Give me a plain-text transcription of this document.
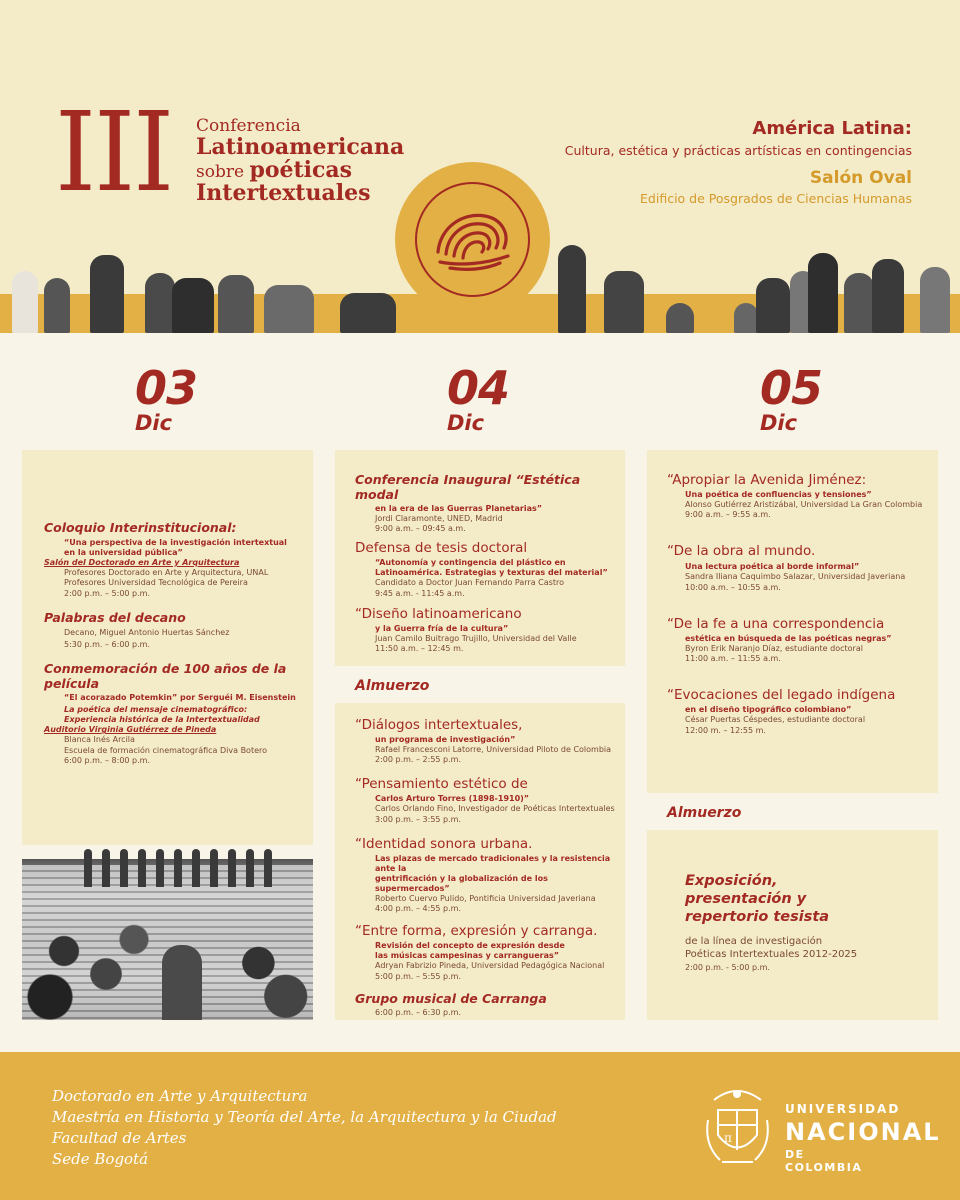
III Conferencia
Latinoamericana
sobre poéticas
Intertextuales
América Latina:
Cultura, estética y prácticas artísticas en contingencias
Salón Oval
Edificio de Posgrados de Ciencias Humanas
03
Dic
04
Dic
05
Dic
Coloquio Interinstitucional:
“Una perspectiva de la investigación intertextual
en la universidad pública”
Salón del Doctorado en Arte y Arquitectura
Profesores Doctorado en Arte y Arquitectura, UNAL
Profesores Universidad Tecnológica de Pereira
2:00 p.m. – 5:00 p.m.
Palabras del decano
Decano, Miguel Antonio Huertas Sánchez
5:30 p.m. – 6:00 p.m.
Conmemoración de 100 años de la película
“El acorazado Potemkin” por Serguéi M. Eisenstein
La poética del mensaje cinematográfico:
Experiencia histórica de la Intertextualidad
Auditorio Virginia Gutiérrez de Pineda
Blanca Inés Arcila
Escuela de formación cinematográfica Diva Botero
6:00 p.m. – 8:00 p.m.
Conferencia Inaugural “Estética modal
en la era de las Guerras Planetarias”
Jordi Claramonte, UNED, Madrid
9:00 a.m. – 09:45 a.m.
Defensa de tesis doctoral
“Autonomía y contingencia del plástico en
Latinoamérica. Estrategias y texturas del material”
Candidato a Doctor Juan Fernando Parra Castro
9:45 a.m. - 11:45 a.m.
“Diseño latinoamericano
y la Guerra fría de la cultura”
Juan Camilo Buitrago Trujillo, Universidad del Valle
11:50 a.m. – 12:45 m.
Almuerzo
“Diálogos intertextuales,
un programa de investigación”
Rafael Francesconi Latorre, Universidad Piloto de Colombia
2:00 p.m. – 2:55 p.m.
“Pensamiento estético de
Carlos Arturo Torres (1898-1910)”
Carlos Orlando Fino, Investigador de Poéticas Intertextuales
3:00 p.m. – 3:55 p.m.
“Identidad sonora urbana.
Las plazas de mercado tradicionales y la resistencia ante la
gentrificación y la globalización de los supermercados”
Roberto Cuervo Pulido, Pontificia Universidad Javeriana
4:00 p.m. – 4:55 p.m.
“Entre forma, expresión y carranga.
Revisión del concepto de expresión desde
las músicas campesinas y carrangueras”
Adryan Fabrizio Pineda, Universidad Pedagógica Nacional
5:00 p.m. – 5:55 p.m.
Grupo musical de Carranga
6:00 p.m. – 6:30 p.m.
“Apropiar la Avenida Jiménez:
Una poética de confluencias y tensiones”
Alonso Gutiérrez Aristizábal, Universidad La Gran Colombia
9:00 a.m. – 9:55 a.m.
“De la obra al mundo.
Una lectura poética al borde informal”
Sandra Iliana Caquimbo Salazar, Universidad Javeriana
10:00 a.m. – 10:55 a.m.
“De la fe a una correspondencia
estética en búsqueda de las poéticas negras”
Byron Erik Naranjo Díaz, estudiante doctoral
11:00 a.m. – 11:55 a.m.
“Evocaciones del legado indígena
en el diseño tipográfico colombiano”
César Puertas Céspedes, estudiante doctoral
12:00 m. – 12:55 m.
Almuerzo
Exposición,
presentación y
repertorio tesista
de la línea de investigación
Poéticas Intertextuales 2012-2025
2:00 p.m. - 5:00 p.m.
Doctorado en Arte y Arquitectura
Maestría en Historia y Teoría del Arte, la Arquitectura y la Ciudad
Facultad de Artes
Sede Bogotá
UNIVERSIDAD
NACIONAL
DE COLOMBIA
π
